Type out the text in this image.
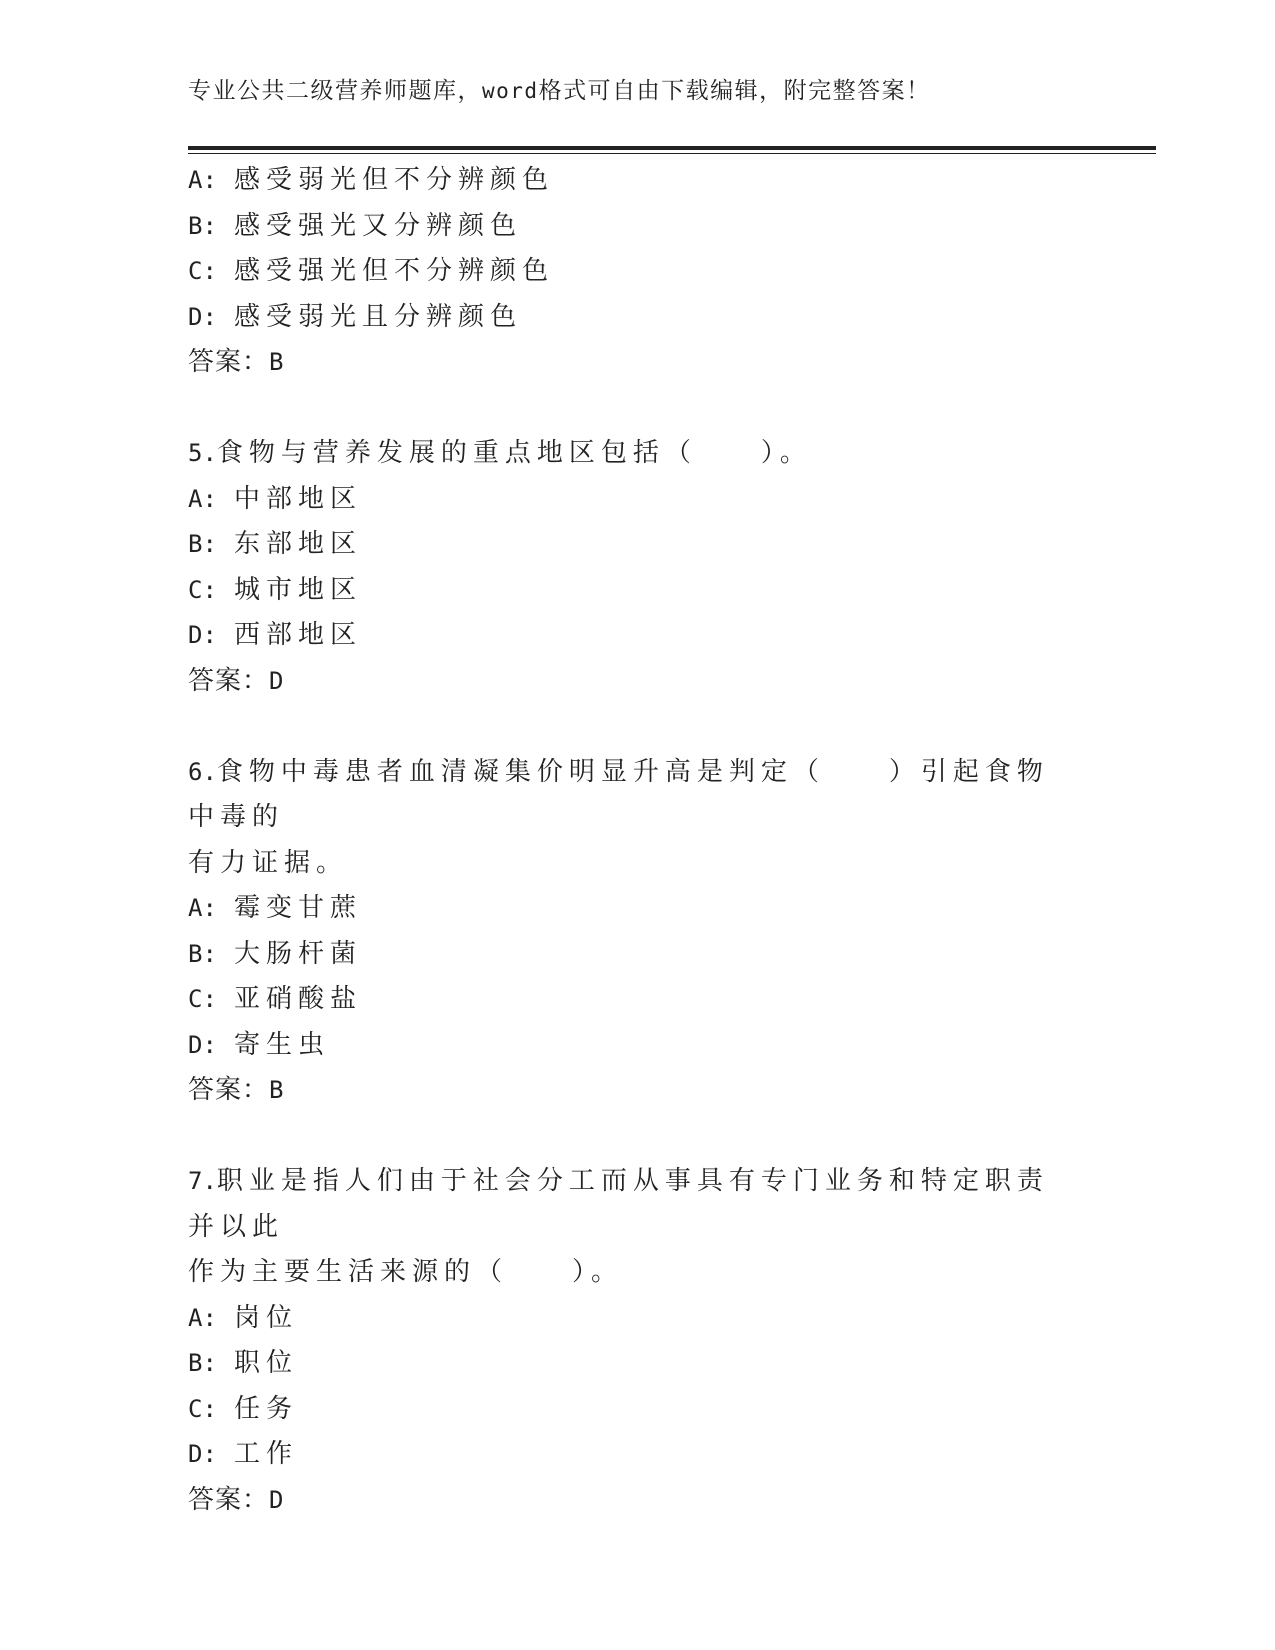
专业公共二级营养师题库，word格式可自由下载编辑，附完整答案！
A: 感受弱光但不分辨颜色
B: 感受强光又分辨颜色
C: 感受强光但不分辨颜色
D: 感受弱光且分辨颜色
答案：B
5.食物与营养发展的重点地区包括（　　）。
A: 中部地区
B: 东部地区
C: 城市地区
D: 西部地区
答案：D
6.食物中毒患者血清凝集价明显升高是判定（　　）引起食物中毒的
有力证据。
A: 霉变甘蔗
B: 大肠杆菌
C: 亚硝酸盐
D: 寄生虫
答案：B
7.职业是指人们由于社会分工而从事具有专门业务和特定职责并以此
作为主要生活来源的（　　）。
A: 岗位
B: 职位
C: 任务
D: 工作
答案：D
